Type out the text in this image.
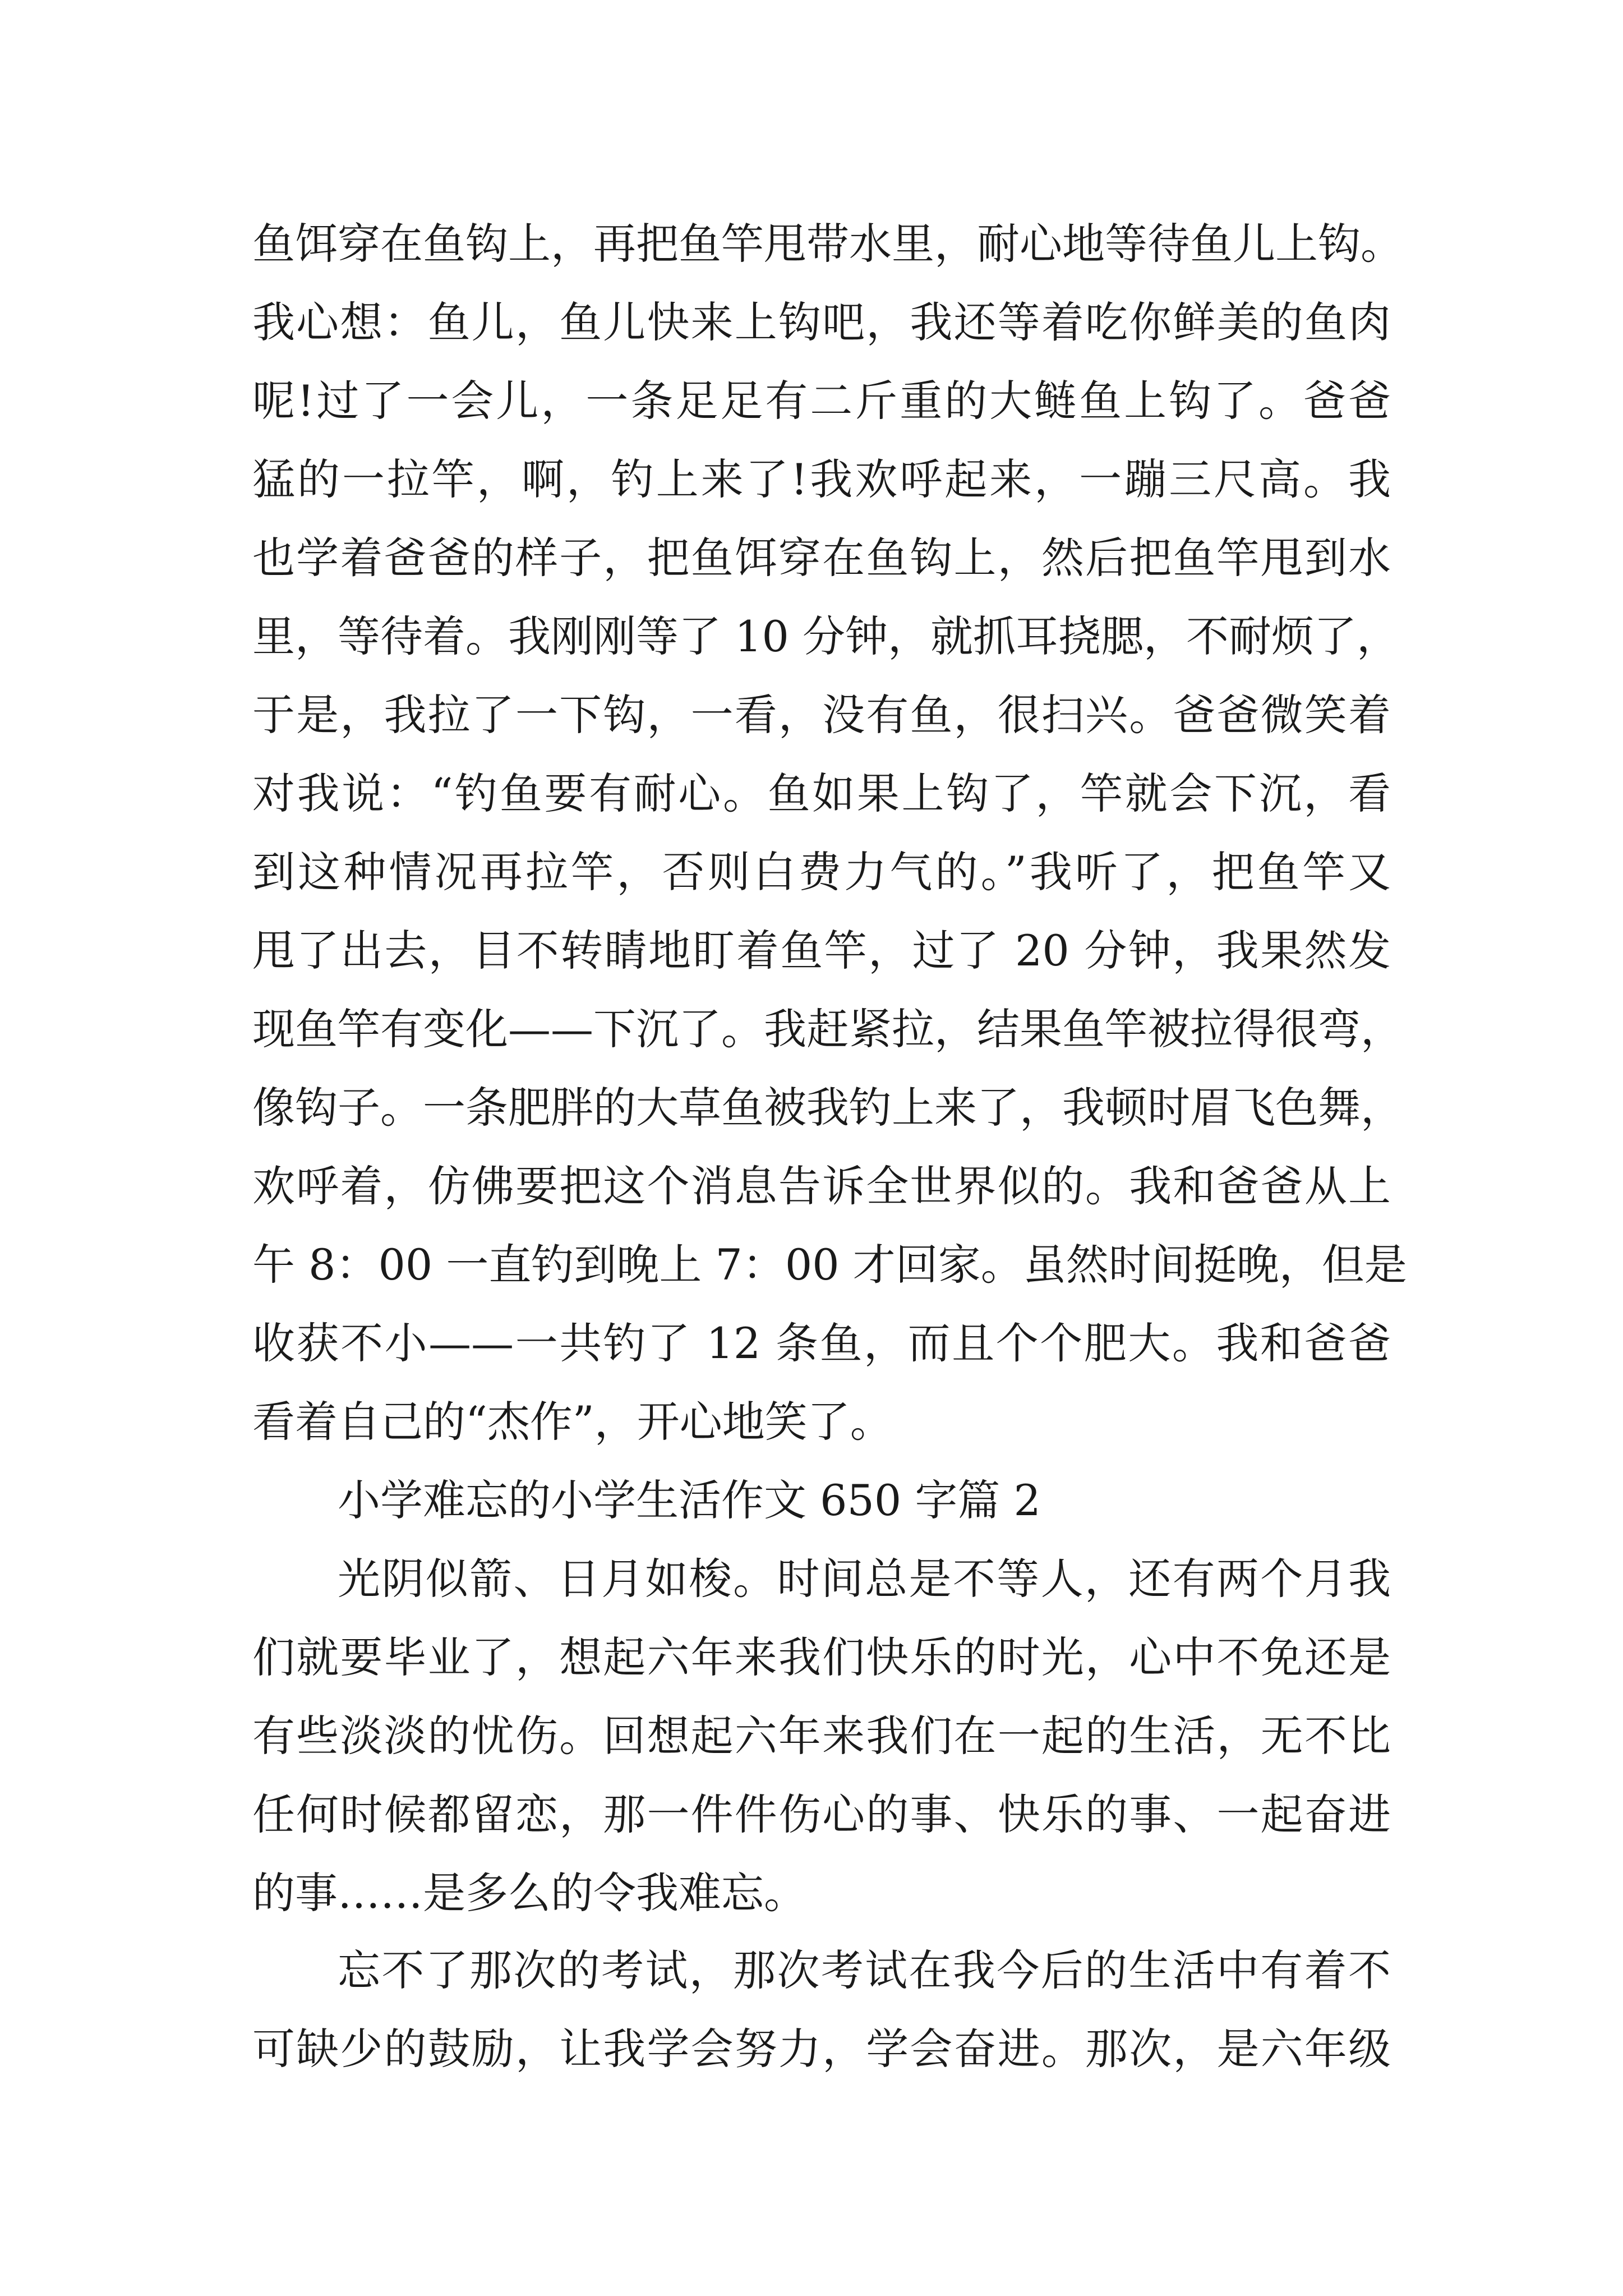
鱼饵穿在鱼钩上，再把鱼竿甩带水里，耐心地等待鱼儿上钩。
我心想：鱼儿，鱼儿快来上钩吧，我还等着吃你鲜美的鱼肉
呢!过了一会儿，一条足足有二斤重的大鲢鱼上钩了。爸爸
猛的一拉竿，啊，钓上来了!我欢呼起来，一蹦三尺高。我
也学着爸爸的样子，把鱼饵穿在鱼钩上，然后把鱼竿甩到水
里，等待着。我刚刚等了 10 分钟，就抓耳挠腮，不耐烦了，
于是，我拉了一下钩，一看，没有鱼，很扫兴。爸爸微笑着
对我说：“钓鱼要有耐心。鱼如果上钩了，竿就会下沉，看
到这种情况再拉竿，否则白费力气的。”我听了，把鱼竿又
甩了出去，目不转睛地盯着鱼竿，过了 20 分钟，我果然发
现鱼竿有变化——下沉了。我赶紧拉，结果鱼竿被拉得很弯，
像钩子。一条肥胖的大草鱼被我钓上来了，我顿时眉飞色舞，
欢呼着，仿佛要把这个消息告诉全世界似的。我和爸爸从上
午 8：00 一直钓到晚上 7：00 才回家。虽然时间挺晚，但是
收获不小——一共钓了 12 条鱼，而且个个肥大。我和爸爸
看着自己的“杰作”，开心地笑了。
小学难忘的小学生活作文 650 字篇 2
光阴似箭、日月如梭。时间总是不等人，还有两个月我
们就要毕业了，想起六年来我们快乐的时光，心中不免还是
有些淡淡的忧伤。回想起六年来我们在一起的生活，无不比
任何时候都留恋，那一件件伤心的事、快乐的事、一起奋进
的事……是多么的令我难忘。
忘不了那次的考试，那次考试在我今后的生活中有着不
可缺少的鼓励，让我学会努力，学会奋进。那次，是六年级
